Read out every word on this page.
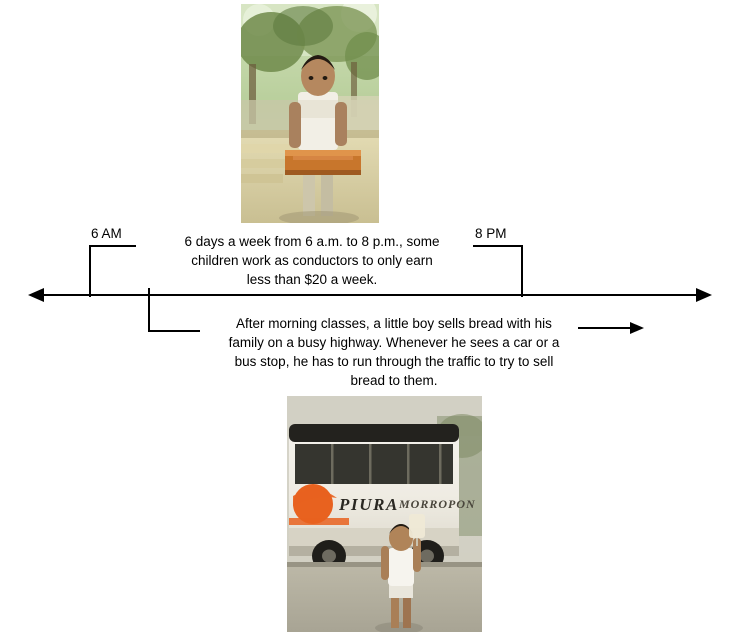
6 AM	8 PM
6 days a week from 6 a.m. to 8 p.m., some children work as conductors to only earn less than $20 a week.
After morning classes, a little boy sells bread with his family on a busy highway. Whenever he sees a car or a bus stop, he has to run through the traffic to try to sell bread to them.
PIURA MORROPON
